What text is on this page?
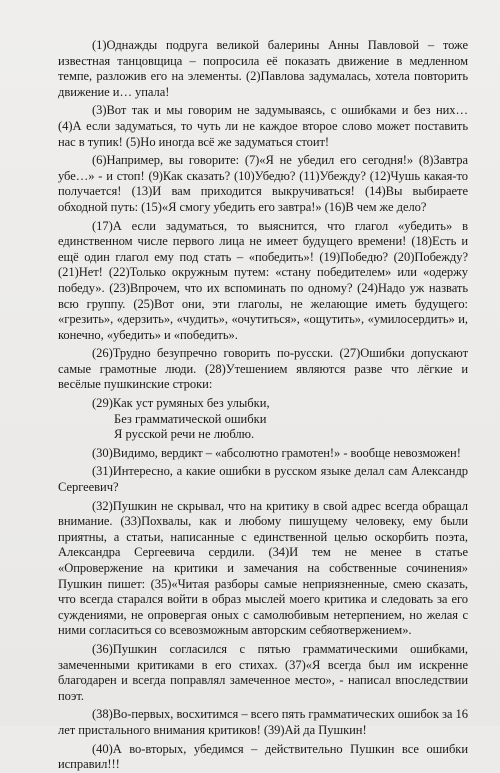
(1)Однажды подруга великой балерины Анны Павловой – тоже известная танцовщица – попросила её показать движение в медленном темпе, разложив его на элементы. (2)Павлова задумалась, хотела повторить движение и… упала!

(3)Вот так и мы говорим не задумываясь, с ошибками и без них… (4)А если задуматься, то чуть ли не каждое второе слово может поставить нас в тупик! (5)Но иногда всё же задуматься стоит!

(6)Например, вы говорите: (7)«Я не убедил его сегодня!» (8)Завтра убе…» - и стоп! (9)Как сказать? (10)Убедю? (11)Убежду? (12)Чушь какая-то получается! (13)И вам приходится выкручиваться! (14)Вы выбираете обходной путь: (15)«Я смогу убедить его завтра!» (16)В чем же дело?

(17)А если задуматься, то выяснится, что глагол «убедить» в единственном числе первого лица не имеет будущего времени! (18)Есть и ещё один глагол ему под стать – «победить»! (19)Победю? (20)Побежду? (21)Нет! (22)Только окружным путем: «стану победителем» или «одержу победу». (23)Впрочем, что их вспоминать по одному? (24)Надо уж назвать всю группу. (25)Вот они, эти глаголы, не желающие иметь будущего: «грезить», «дерзить», «чудить», «очутиться», «ощутить», «умилосердить» и, конечно, «убедить» и «победить».

(26)Трудно безупречно говорить по-русски. (27)Ошибки допускают самые грамотные люди. (28)Утешением являются разве что лёгкие и весёлые пушкинские строки:

(29)Как уст румяных без улыбки,
Без грамматической ошибки
Я русской речи не люблю.

(30)Видимо, вердикт – «абсолютно грамотен!» - вообще невозможен!

(31)Интересно, а какие ошибки в русском языке делал сам Александр Сергеевич?

(32)Пушкин не скрывал, что на критику в свой адрес всегда обращал внимание. (33)Похвалы, как и любому пишущему человеку, ему были приятны, а статьи, написанные с единственной целью оскорбить поэта, Александра Сергеевича сердили. (34)И тем не менее в статье «Опровержение на критики и замечания на собственные сочинения» Пушкин пишет: (35)«Читая разборы самые неприязненные, смею сказать, что всегда старался войти в образ мыслей моего критика и следовать за его суждениями, не опровергая оных с самолюбивым нетерпением, но желая с ними согласиться со всевозможным авторским себяотвержением».

(36)Пушкин согласился с пятью грамматическими ошибками, замеченными критиками в его стихах. (37)«Я всегда был им искренне благодарен и всегда поправлял замеченное место», - написал впоследствии поэт.

(38)Во-первых, восхитимся – всего пять грамматических ошибок за 16 лет пристального внимания критиков! (39)Ай да Пушкин!

(40)А во-вторых, убедимся – действительно Пушкин все ошибки исправил!!!
